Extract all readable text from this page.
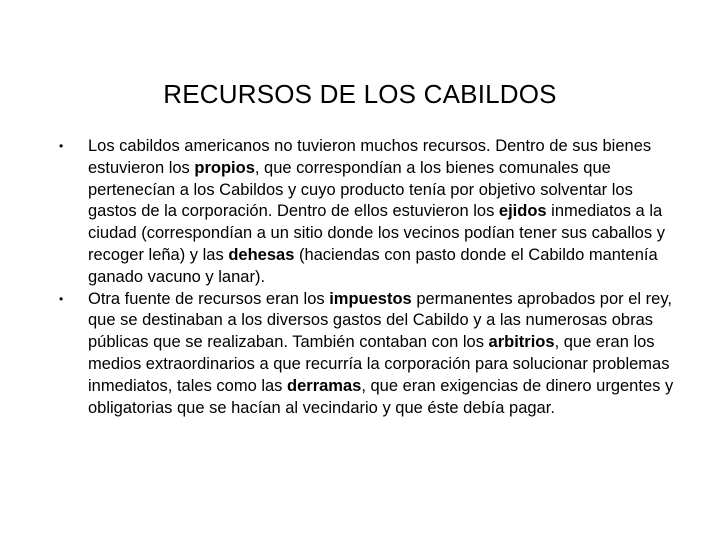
RECURSOS DE LOS CABILDOS
• Los cabildos americanos no tuvieron muchos recursos. Dentro de sus bienes estuvieron los propios, que correspondían a los bienes comunales que pertenecían a los Cabildos y cuyo producto tenía por objetivo solventar los gastos de la corporación. Dentro de ellos estuvieron los ejidos inmediatos a la ciudad (correspondían a un sitio donde los vecinos podían tener sus caballos y recoger leña) y las dehesas (haciendas con pasto donde el Cabildo mantenía ganado vacuno y lanar).
• Otra fuente de recursos eran los impuestos permanentes aprobados por el rey, que se destinaban a los diversos gastos del Cabildo y a las numerosas obras públicas que se realizaban. También contaban con los arbitrios, que eran los medios extraordinarios a que recurría la corporación para solucionar problemas inmediatos, tales como las derramas, que eran exigencias de dinero urgentes y obligatorias que se hacían al vecindario y que éste debía pagar.
